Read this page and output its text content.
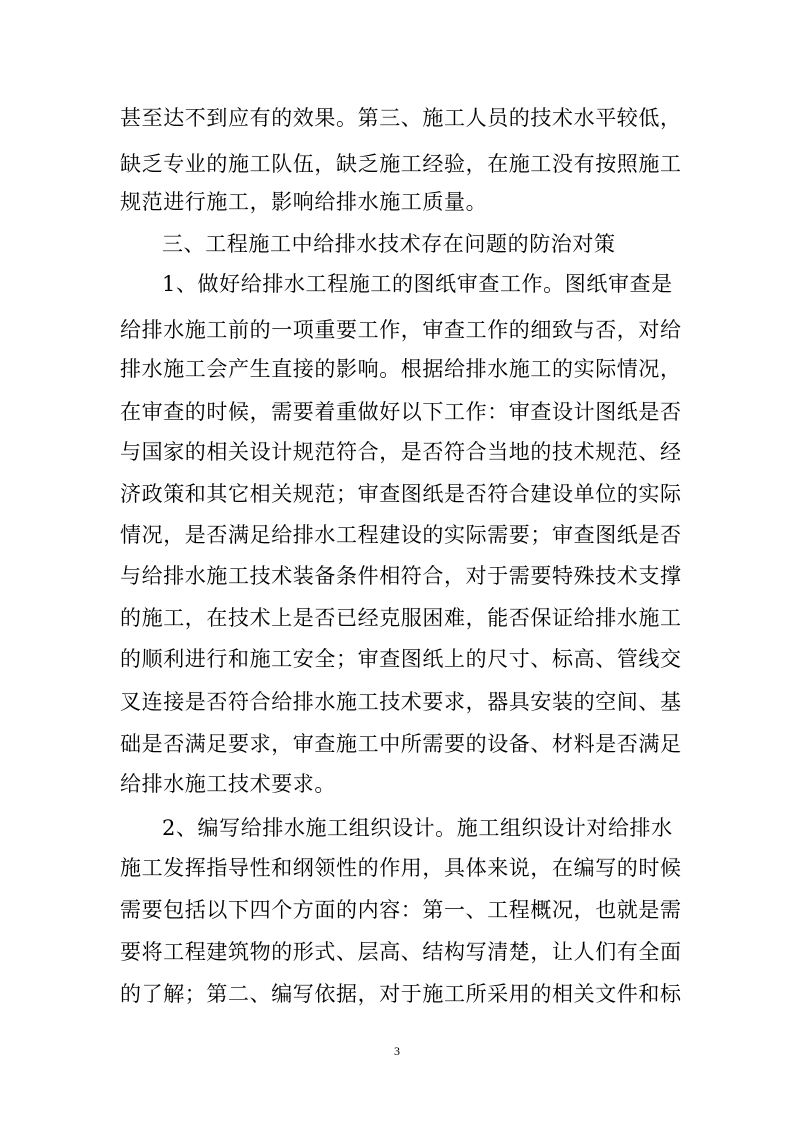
甚至达不到应有的效果。第三、施工人员的技术水平较低，
缺乏专业的施工队伍，缺乏施工经验，在施工没有按照施工
规范进行施工，影响给排水施工质量。
三、工程施工中给排水技术存在问题的防治对策
1、做好给排水工程施工的图纸审查工作。图纸审查是
给排水施工前的一项重要工作，审查工作的细致与否，对给
排水施工会产生直接的影响。根据给排水施工的实际情况，
在审查的时候，需要着重做好以下工作：审查设计图纸是否
与国家的相关设计规范符合，是否符合当地的技术规范、经
济政策和其它相关规范；审查图纸是否符合建设单位的实际
情况，是否满足给排水工程建设的实际需要；审查图纸是否
与给排水施工技术装备条件相符合，对于需要特殊技术支撑
的施工，在技术上是否已经克服困难，能否保证给排水施工
的顺利进行和施工安全；审查图纸上的尺寸、标高、管线交
叉连接是否符合给排水施工技术要求，器具安装的空间、基
础是否满足要求，审查施工中所需要的设备、材料是否满足
给排水施工技术要求。
2、编写给排水施工组织设计。施工组织设计对给排水
施工发挥指导性和纲领性的作用，具体来说，在编写的时候
需要包括以下四个方面的内容：第一、工程概况，也就是需
要将工程建筑物的形式、层高、结构写清楚，让人们有全面
的了解；第二、编写依据，对于施工所采用的相关文件和标
3
